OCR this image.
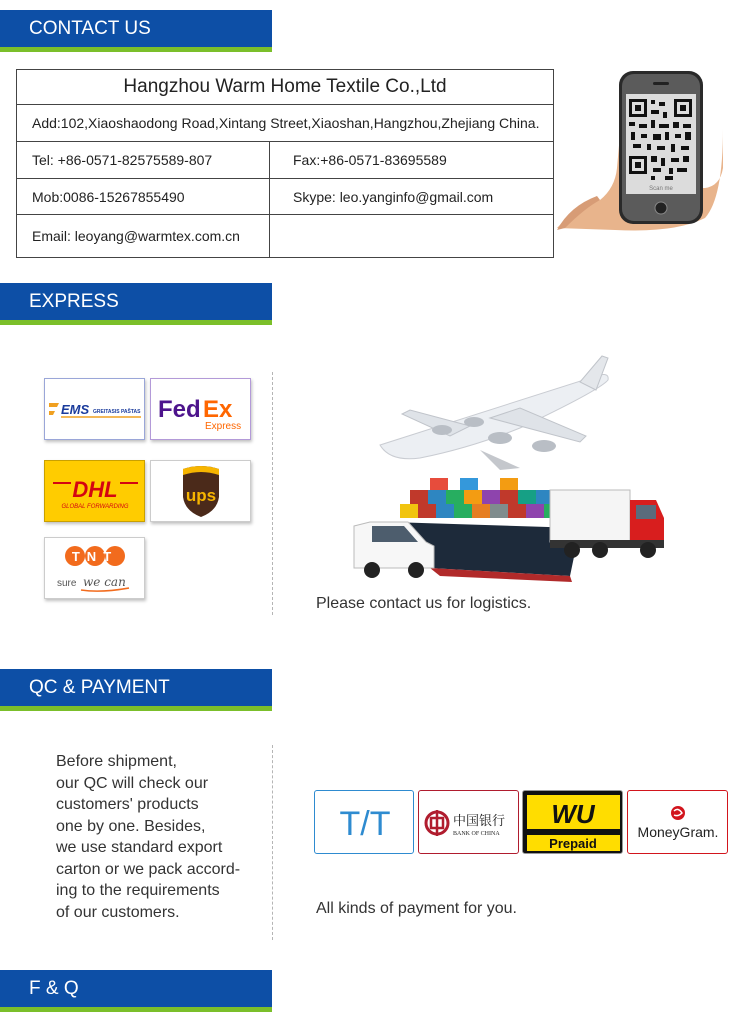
CONTACT US
Hangzhou Warm Home Textile Co.,Ltd
Add:102,Xiaoshaodong Road,Xintang Street,Xiaoshan,Hangzhou,Zhejiang China.
Tel: +86-0571-82575589-807	Fax:+86-0571-83695589
Mob:0086-15267855490	Skype: leo.yanginfo@gmail.com
Email: leoyang@warmtex.com.cn
Scan me
EXPRESS
EMS GREITASIS PAŠTAS Fed Ex
Express
DHL
GLOBAL FORWARDING
ups
TNT
sure we can
Please contact us for logistics.
QC & PAYMENT
Before shipment,
our QC will check our
customers' products
one by one. Besides,
we use standard export
carton or we pack accord-
ing to the requirements
of our customers.
T/T	中国银行
BANK OF CHINA
WU
Prepaid
MoneyGram.
All kinds of payment for you.
F & Q
